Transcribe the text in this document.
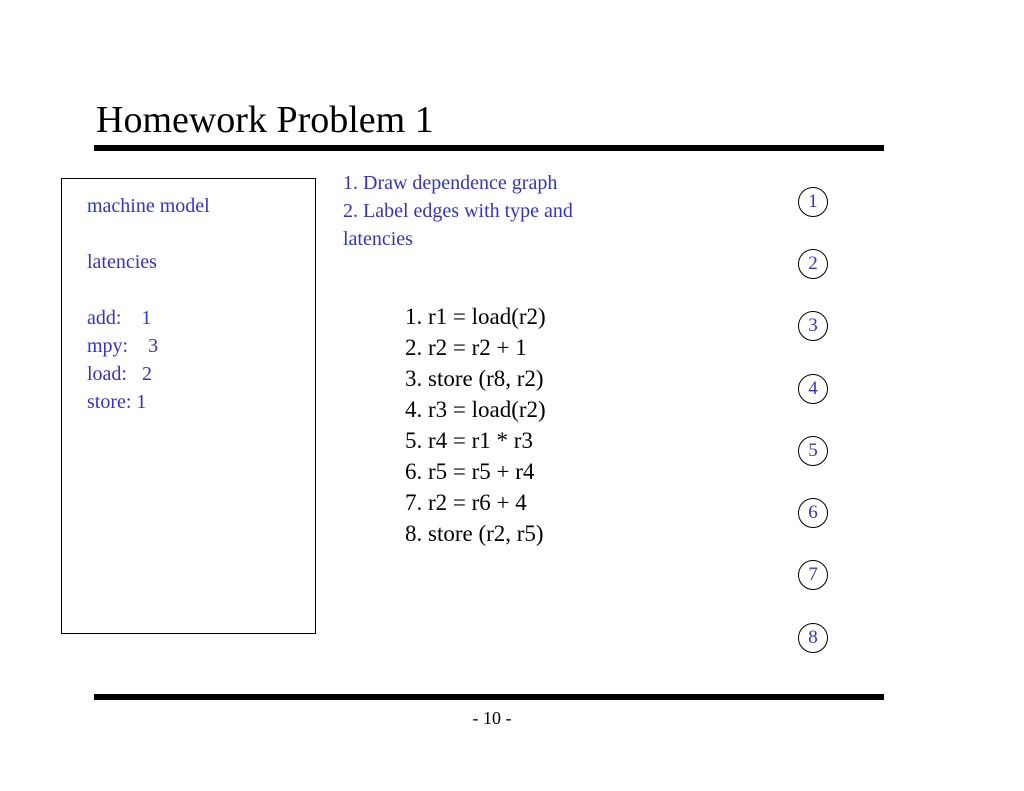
Homework Problem 1
machine model
latencies
add:    1
mpy:    3
load:   2
store: 1
1. Draw dependence graph
2. Label edges with type and
latencies
1. r1 = load(r2)
2. r2 = r2 + 1
3. store (r8, r2)
4. r3 = load(r2)
5. r4 = r1 * r3
6. r5 = r5 + r4
7. r2 = r6 + 4
8. store (r2, r5)
1
2
3
4
5
6
7
8
- 10 -
